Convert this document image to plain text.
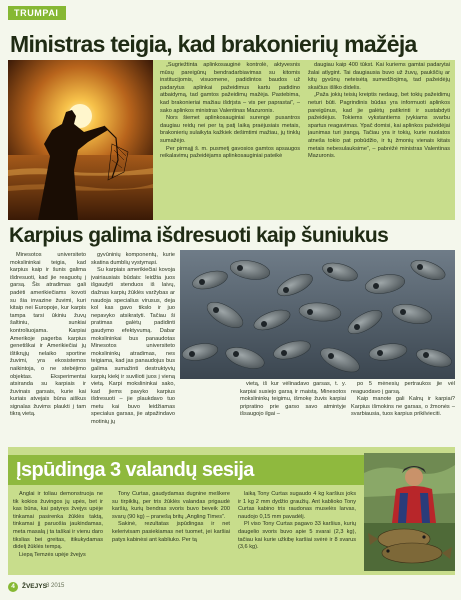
TRUMPAI
Ministras teigia, kad brakonierių mažėja

„Sugriežtinta aplinkosauginė kontrolė, aktyvesnis mūsų pareigūnų bendradarbiavimas su kitomis institucijomis, visuomene, padidintos baudos už padarytus aplinkai pažeidimus kartu padidino atbaidymą, tad gamtos pažeidimų mažėja. Pastebima, kad brakonieriai mažiau išdrįsta – vis per paprastai“, – sako aplinkos ministras Valentinas Mazuronis.

Nors šiemet aplinkosauginiai surengė pusantros daugiau reidų nei per tą patį laiką praėjusiais metais, brakonierių sulaikyta kažkiek dešimtimi mažiau, jų tinklų sumažėjo.

Per pirmąjį š. m. pusmetį gavosios gamtos apsaugos reikalavimų pažeidėjams aplinkosauginiai pateikė

daugiau kaip 400 tūkst. Kai kuriems gamtai padarytai žalai atlygint. Tai daugiausia buvo už žuvų, paukščių ar kitų gyvūnų neteisėtą sumedžiojimą, tad pažeidėjų skaičius išliko didelis.

„Paža jokių teisių kreiptis nedaug, bet tokių pažeidimų neturi būti. Pagrindinis būdas yra informuoti aplinkos pareigūnus, kad jie galėtų patikrinti ir sustabdyti pažeidėjus. Tokiems vykstantiems įvykiams svarbu spartus reagavimas. Ypač domisi, kai aplinkos pažeidėjai jaunimas turi įrangą. Tačiau yra ir tokių, kurie nuolatos atneša tokio pat pobūdžio, ir tų žmonių vienais kitais metais nebesulauksime“, – pabrėžė ministras Valentinas Mazuronis.

Karpius galima išdresuoti kaip šuniukus

Minesotos universiteto mokslininkai teigia, kad karpius kaip ir šunis galima išdresuoti, kad jie reaguotų į garsą. Šis atradimas gali padėti amerikiečiams kovoti su šia invazine žuvimi, kuri kitaip nei Europoje, kur karpis tampa tarsi ūkiniu žuvų šaltiniu, sunkiai kontroliuojama. Karpiai Amerikoje pagerba karpius genetiškai ir Amerikiečiai jų ištikrųjų nelaiko sportine žuvimi, yra ekosistemos naikintoja, o ne stebėjimo objektas. Eksperimentai atsiranda su karpiais ir žuvinais garsais, kurie kai kuriais atvejais būna aiškus signalas žuvims plaukti į tam tikrą vietą.

gyvūninių komponentų, kurie skatina dumblių vystymąsi.

Su karpiais amerikiečiai kovoja įvairiausiais būdais: leidžia juos išgaudyti stenduos iš laivų, dažnas karpių žūklės varžybas ar naudoja specialius virusus, deja kol kas gavo tikslo ir juo nepavyko atsikratyti. Tačiau ši pratimas galėtų padidinti gaudymo efektyvumą. Dabar mokslininkai bus panaudotas Minesotos universiteto mokslininkų atradimas, nes teigiama, kad jas panaudojus bus galima sumažinti destruktyvių karpių kiekį ir suvilioti juos į vieną vietą. Karpi mokslininkai sako, kad jiems pavyko karpius išdresuoti – jie plaukdavo tuo metu kai buvo leidžiamas specialus garsas, jie atpažindavo motinių jų

vietą, iš kur vėlinadavo garsas, t. y. karpiai susiejo garsą ir maistą. Minesotos mokslininkų teigimu, išmokę žuvis karpiai pripratino prie garso savo atmintyje išsaugojo ilgai –

po 5 mėnesių pertraukos jie vėl reaguodavo į garsą.

Kaip manote gali Kalnų ir karpiai? Karpius išmokins ne garsas, o žmonės – svarbiausia, tuos karpius prikilvieciti.

Įspūdinga 3 valandų sesija

Anglai ir toliau demonstruoja ne tik kokios žuvingos jų upės, bet ir kas būna, kai patyręs žvejys upėje tinkamai pasirenka žūklės taktą, tinkamai jį paruošia jaukindamas, meta masalą į ta taškai ir vienu daro tikslias bei greitas, itikukydamas didelį žūklės tempą.

Liepą Temzės upėje žvejys

Tony Curtas, gaudydamas dugnine meškere su tirpiklių, per tris žūklės valandas prigaudė karšių, kurių bendras svoris buvo beveik 200 svarų (90 kg) – pranešą britų „Angling Times“.

Sakinė, rezultatas įspūdingas ir net kelerivisam pasiekiamas net tuomet, jei karšiai patys kabinėsi ant kabliuko. Per tą

laiką Tony Curtas sugaudo 4 kg karšius joks ir 1 kg 2 mm dydžio graužių. Ant kablioko Tony Curtas kabino tris raudonas muselės larvas, naudojo 0,15 mm pavadėlį.

Pl viso Tony Curtas pagavo 33 karšius, kurių daugelio svoris buvo apie 5 svarai (2,3 kg), tačiau kai kurie užkibę karšiai svėrė ir 8 svarus (3,6 kg).

4	ŽVEJYS 8 2015
